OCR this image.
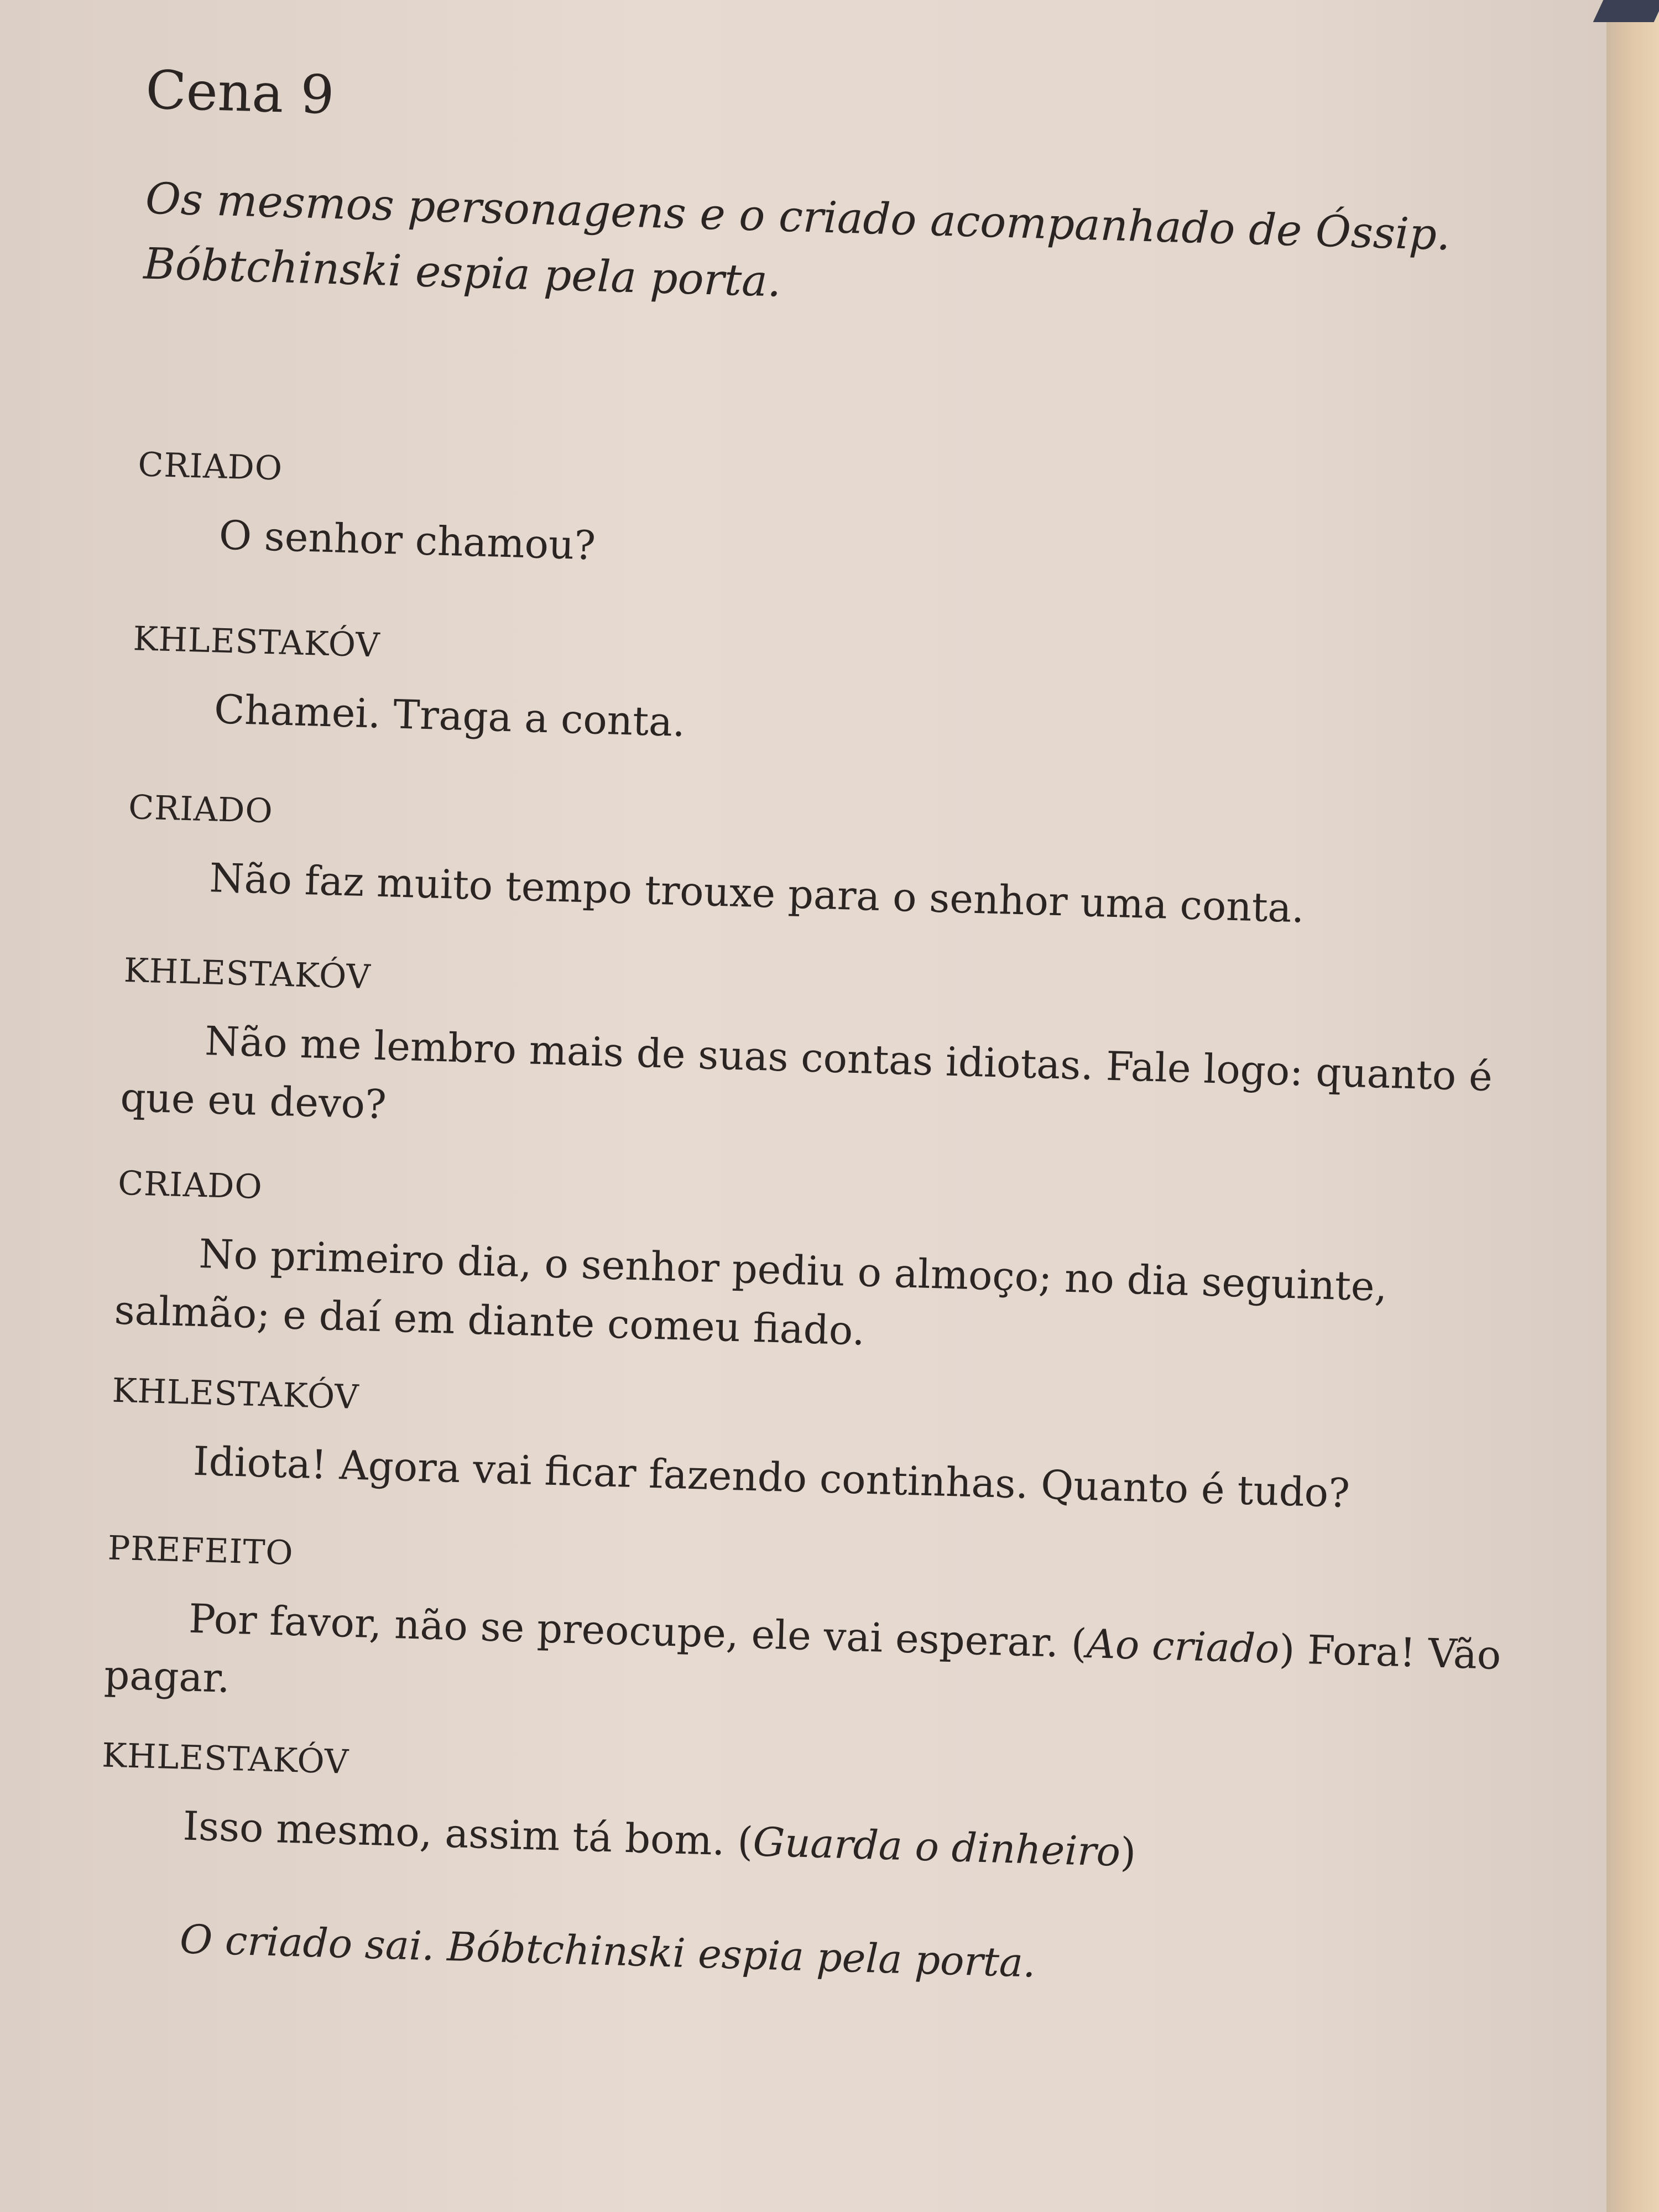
Cena 9

Os mesmos personagens e o criado acompanhado de Óssip. Bóbtchinski espia pela porta.

CRIADO

O senhor chamou?

KHLESTAKÓV

Chamei. Traga a conta.

CRIADO

Não faz muito tempo trouxe para o senhor uma conta.

KHLESTAKÓV

Não me lembro mais de suas contas idiotas. Fale logo: quanto é que eu devo?

CRIADO

No primeiro dia, o senhor pediu o almoço; no dia seguinte, salmão; e daí em diante comeu fiado.

KHLESTAKÓV

Idiota! Agora vai ficar fazendo continhas. Quanto é tudo?

PREFEITO

Por favor, não se preocupe, ele vai esperar. (Ao criado) Fora! Vão pagar.

KHLESTAKÓV

Isso mesmo, assim tá bom. (Guarda o dinheiro)

O criado sai. Bóbtchinski espia pela porta.
